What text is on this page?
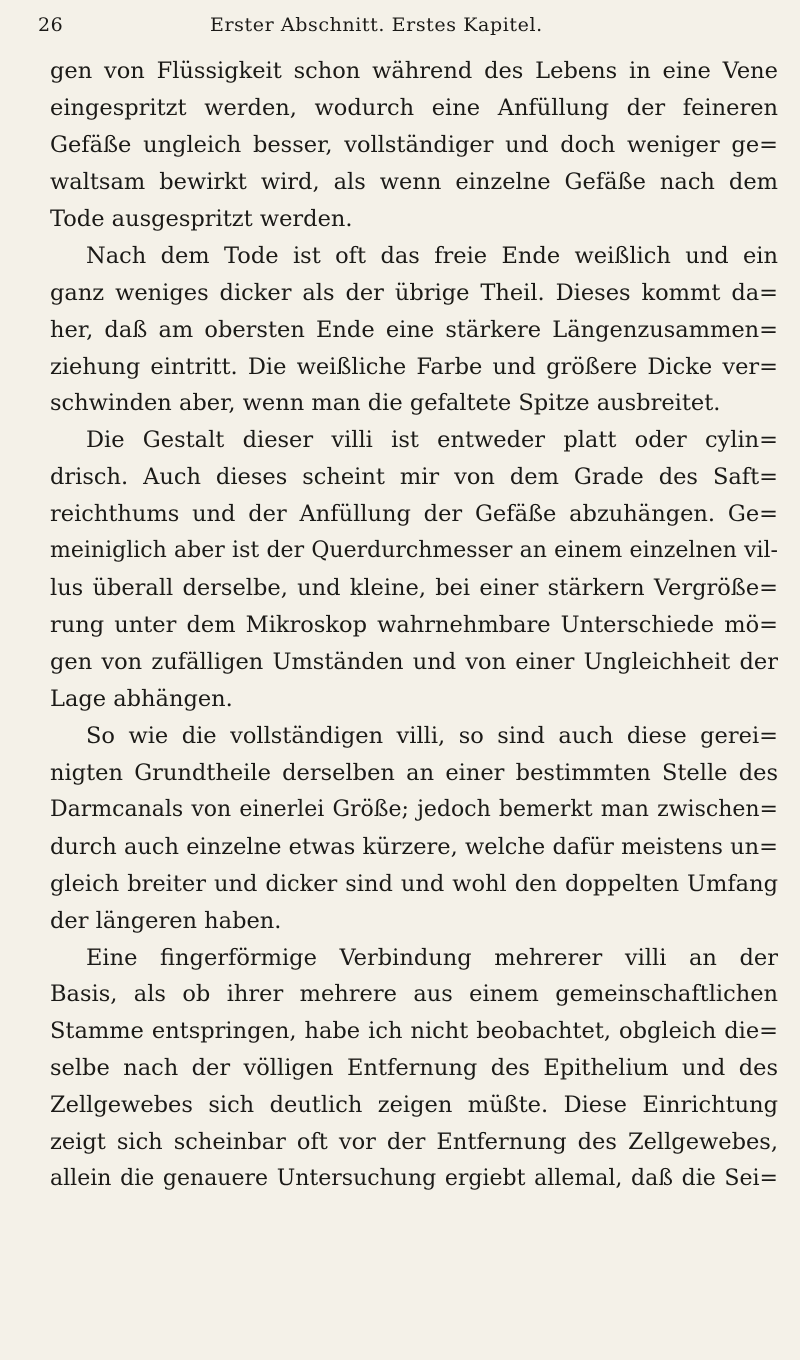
26	Erster Abschnitt. Erstes Kapitel.
gen von Flüssigkeit schon während des Lebens in eine Vene
eingespritzt werden, wodurch eine Anfüllung der feineren
Gefäße ungleich besser, vollständiger und doch weniger ge=
waltsam bewirkt wird, als wenn einzelne Gefäße nach dem
Tode ausgespritzt werden.
Nach dem Tode ist oft das freie Ende weißlich und ein
ganz weniges dicker als der übrige Theil. Dieses kommt da=
her, daß am obersten Ende eine stärkere Längenzusammen=
ziehung eintritt. Die weißliche Farbe und größere Dicke ver=
schwinden aber, wenn man die gefaltete Spitze ausbreitet.
Die Gestalt dieser villi ist entweder platt oder cylin=
drisch. Auch dieses scheint mir von dem Grade des Saft=
reichthums und der Anfüllung der Gefäße abzuhängen. Ge=
meiniglich aber ist der Querdurchmesser an einem einzelnen vil-
lus überall derselbe, und kleine, bei einer stärkern Vergröße=
rung unter dem Mikroskop wahrnehmbare Unterschiede mö=
gen von zufälligen Umständen und von einer Ungleichheit der
Lage abhängen.
So wie die vollständigen villi, so sind auch diese gerei=
nigten Grundtheile derselben an einer bestimmten Stelle des
Darmcanals von einerlei Größe; jedoch bemerkt man zwischen=
durch auch einzelne etwas kürzere, welche dafür meistens un=
gleich breiter und dicker sind und wohl den doppelten Umfang
der längeren haben.
Eine fingerförmige Verbindung mehrerer villi an der
Basis, als ob ihrer mehrere aus einem gemeinschaftlichen
Stamme entspringen, habe ich nicht beobachtet, obgleich die=
selbe nach der völligen Entfernung des Epithelium und des
Zellgewebes sich deutlich zeigen müßte. Diese Einrichtung
zeigt sich scheinbar oft vor der Entfernung des Zellgewebes,
allein die genauere Untersuchung ergiebt allemal, daß die Sei=
